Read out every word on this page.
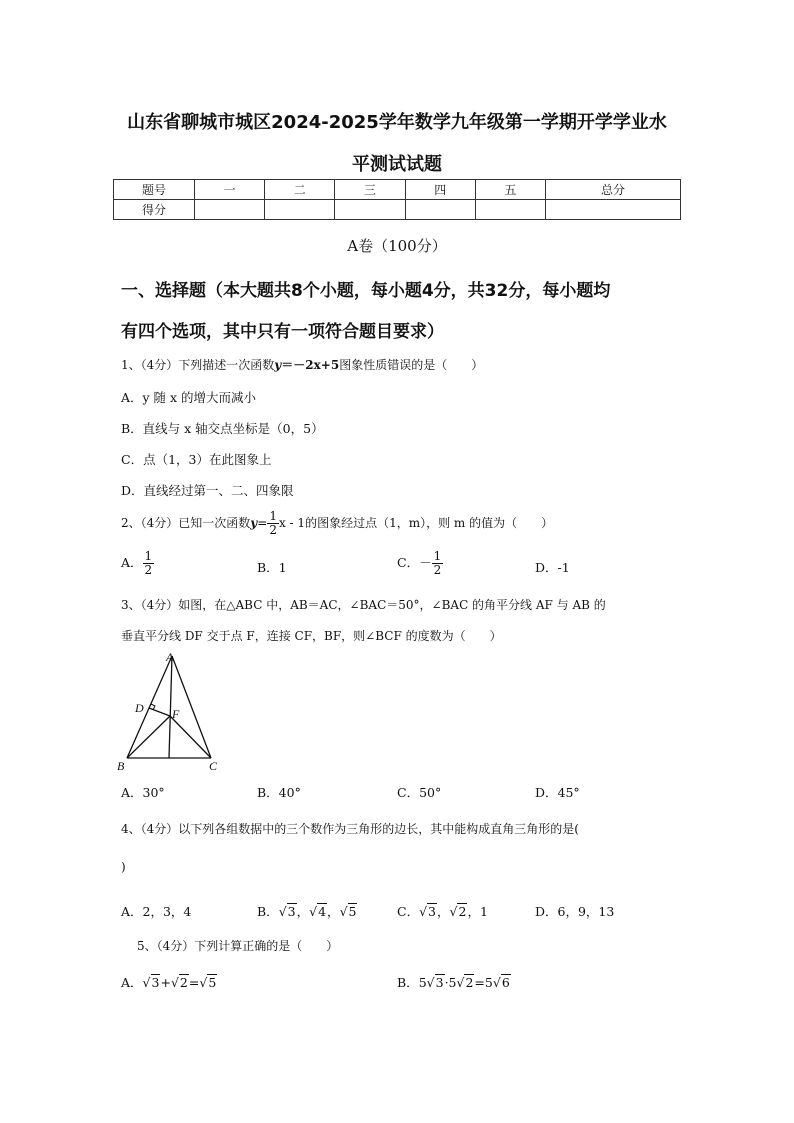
山东省聊城市城区2024-2025学年数学九年级第一学期开学学业水
平测试试题
题号	一	二	三	四	五	总分
得分						
A卷（100分）
一、选择题（本大题共8个小题，每小题4分，共32分，每小题均
有四个选项，其中只有一项符合题目要求）
1、（4分）下列描述一次函数y＝－2x+5图象性质错误的是（　　）
A．y 随 x 的增大而减小
B．直线与 x 轴交点坐标是（0，5）
C．点（1，3）在此图象上
D．直线经过第一、二、四象限
2、（4分）已知一次函数$y= \frac{1}{2}$ x - 1的图象经过点（1，m），则 m 的值为（　　）
A． $\frac{1}{2}$	B．1	C．－ $\frac{1}{2}$	D．-1
3、（4分）如图，在△ABC 中，AB＝AC，∠BAC＝50°，∠BAC 的角平分线 AF 与 AB 的
垂直平分线 DF 交于点 F，连接 CF，BF，则∠BCF 的度数为（　　）
A
B	C
D F
A．30°	B．40°	C．50°	D．45°
4、（4分）以下列各组数据中的三个数作为三角形的边长，其中能构成直角三角形的是(
)
A．2，3，4	B．√3，√4，√5	C．√3，√2，1	D．6，9，13
5、（4分）下列计算正确的是（　　）
A．√3+√2=√5	B．5√3·5√2=5√6
